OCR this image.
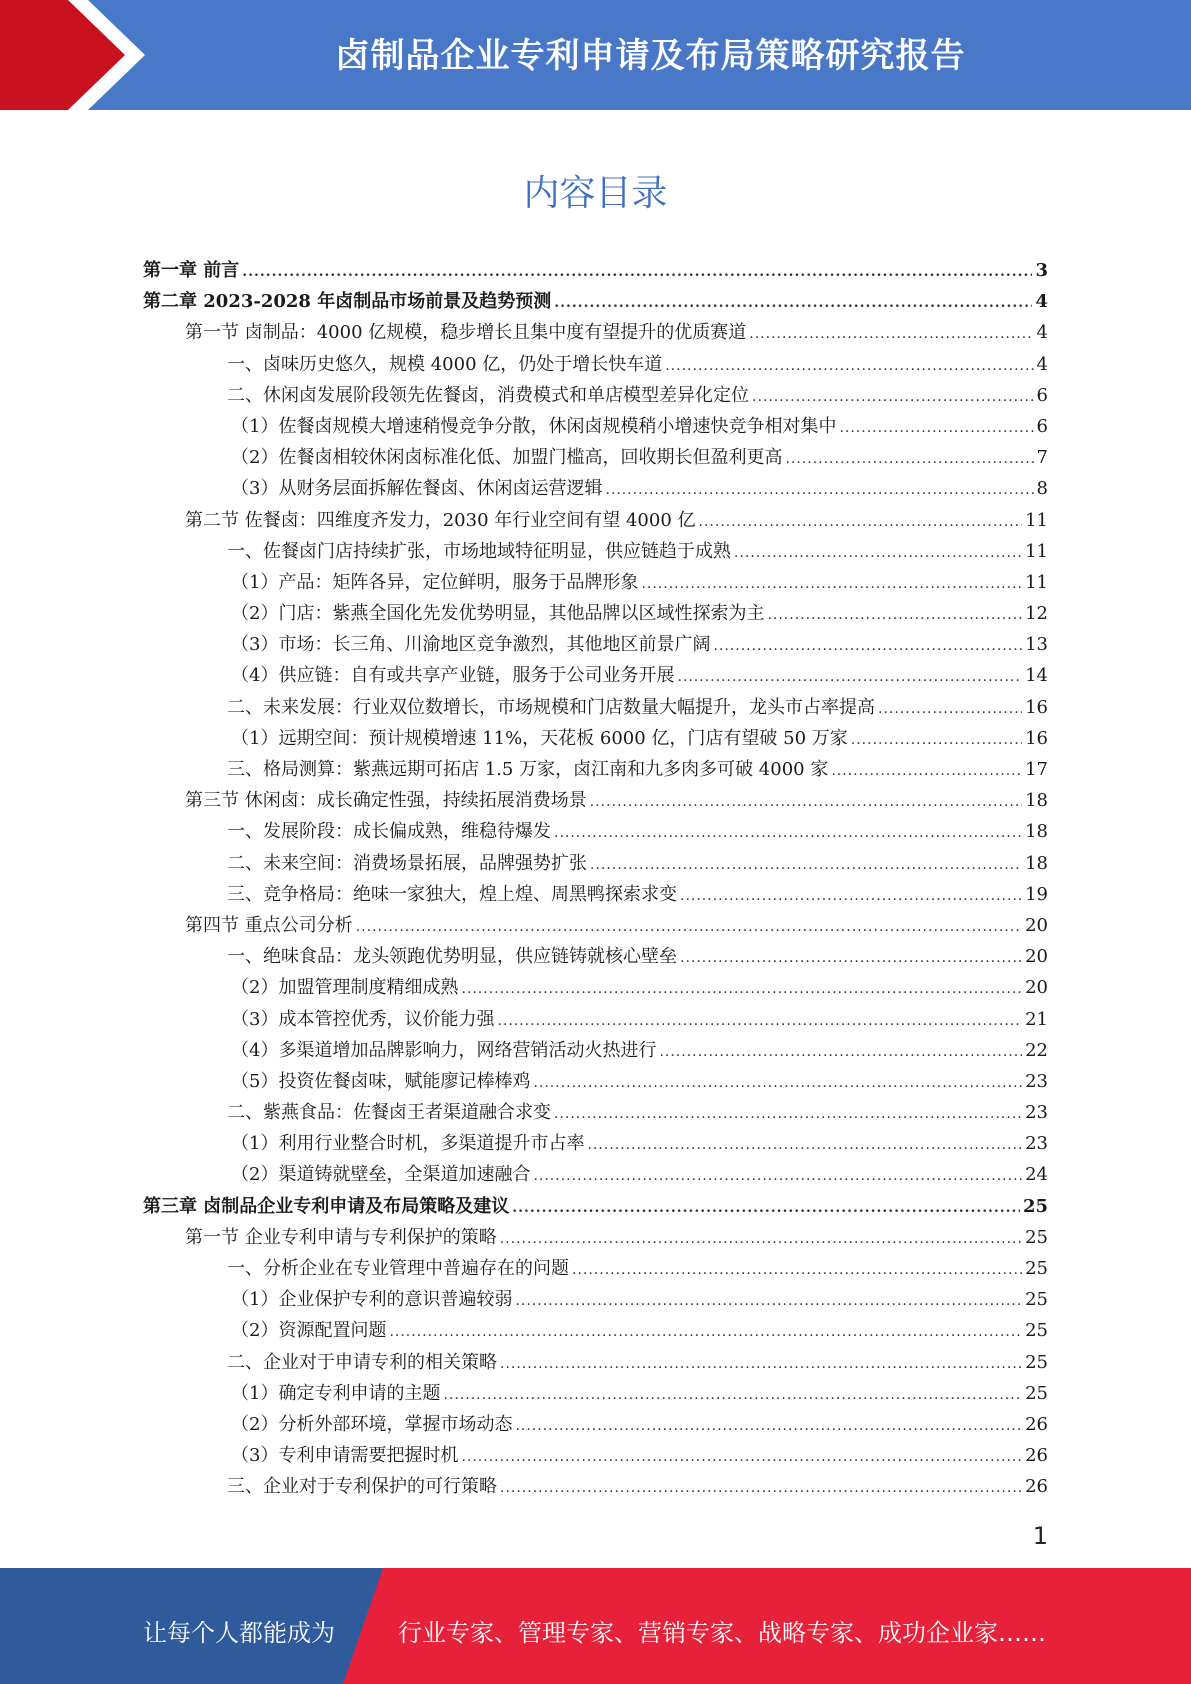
卤制品企业专利申请及布局策略研究报告
内容目录
第一章 前言 .....	3
第二章 2023-2028 年卤制品市场前景及趋势预测 .....	4
第一节 卤制品：4000 亿规模，稳步增长且集中度有望提升的优质赛道 .....	4
一、卤味历史悠久，规模 4000 亿，仍处于增长快车道 .....	4
二、休闲卤发展阶段领先佐餐卤，消费模式和单店模型差异化定位 .....	6
（1）佐餐卤规模大增速稍慢竞争分散，休闲卤规模稍小增速快竞争相对集中 .....	6
（2）佐餐卤相较休闲卤标准化低、加盟门槛高，回收期长但盈利更高 .....	7
（3）从财务层面拆解佐餐卤、休闲卤运营逻辑 .....	8
第二节 佐餐卤：四维度齐发力，2030 年行业空间有望 4000 亿 .....	11
一、佐餐卤门店持续扩张，市场地域特征明显，供应链趋于成熟 .....	11
（1）产品：矩阵各异，定位鲜明，服务于品牌形象 .....	11
（2）门店：紫燕全国化先发优势明显，其他品牌以区域性探索为主 .....	12
（3）市场：长三角、川渝地区竞争激烈，其他地区前景广阔 .....	13
（4）供应链：自有或共享产业链，服务于公司业务开展 .....	14
二、未来发展：行业双位数增长，市场规模和门店数量大幅提升，龙头市占率提高 .....	16
（1）远期空间：预计规模增速 11%，天花板 6000 亿，门店有望破 50 万家 .....	16
三、格局测算：紫燕远期可拓店 1.5 万家，卤江南和九多肉多可破 4000 家 .....	17
第三节 休闲卤：成长确定性强，持续拓展消费场景 .....	18
一、发展阶段：成长偏成熟，维稳待爆发 .....	18
二、未来空间：消费场景拓展，品牌强势扩张 .....	18
三、竞争格局：绝味一家独大，煌上煌、周黑鸭探索求变 .....	19
第四节 重点公司分析 .....	20
一、绝味食品：龙头领跑优势明显，供应链铸就核心壁垒 .....	20
（2）加盟管理制度精细成熟 .....	20
（3）成本管控优秀，议价能力强 .....	21
（4）多渠道增加品牌影响力，网络营销活动火热进行 .....	22
（5）投资佐餐卤味，赋能廖记棒棒鸡 .....	23
二、紫燕食品：佐餐卤王者渠道融合求变 .....	23
（1）利用行业整合时机，多渠道提升市占率 .....	23
（2）渠道铸就壁垒，全渠道加速融合 .....	24
第三章 卤制品企业专利申请及布局策略及建议 .....	25
第一节 企业专利申请与专利保护的策略 .....	25
一、分析企业在专业管理中普遍存在的问题 .....	25
（1）企业保护专利的意识普遍较弱 .....	25
（2）资源配置问题 .....	25
二、企业对于申请专利的相关策略 .....	25
（1）确定专利申请的主题 .....	25
（2）分析外部环境，掌握市场动态 .....	26
（3）专利申请需要把握时机 .....	26
三、企业对于专利保护的可行策略 .....	26
1
让每个人都能成为	行业专家、管理专家、营销专家、战略专家、成功企业家……
